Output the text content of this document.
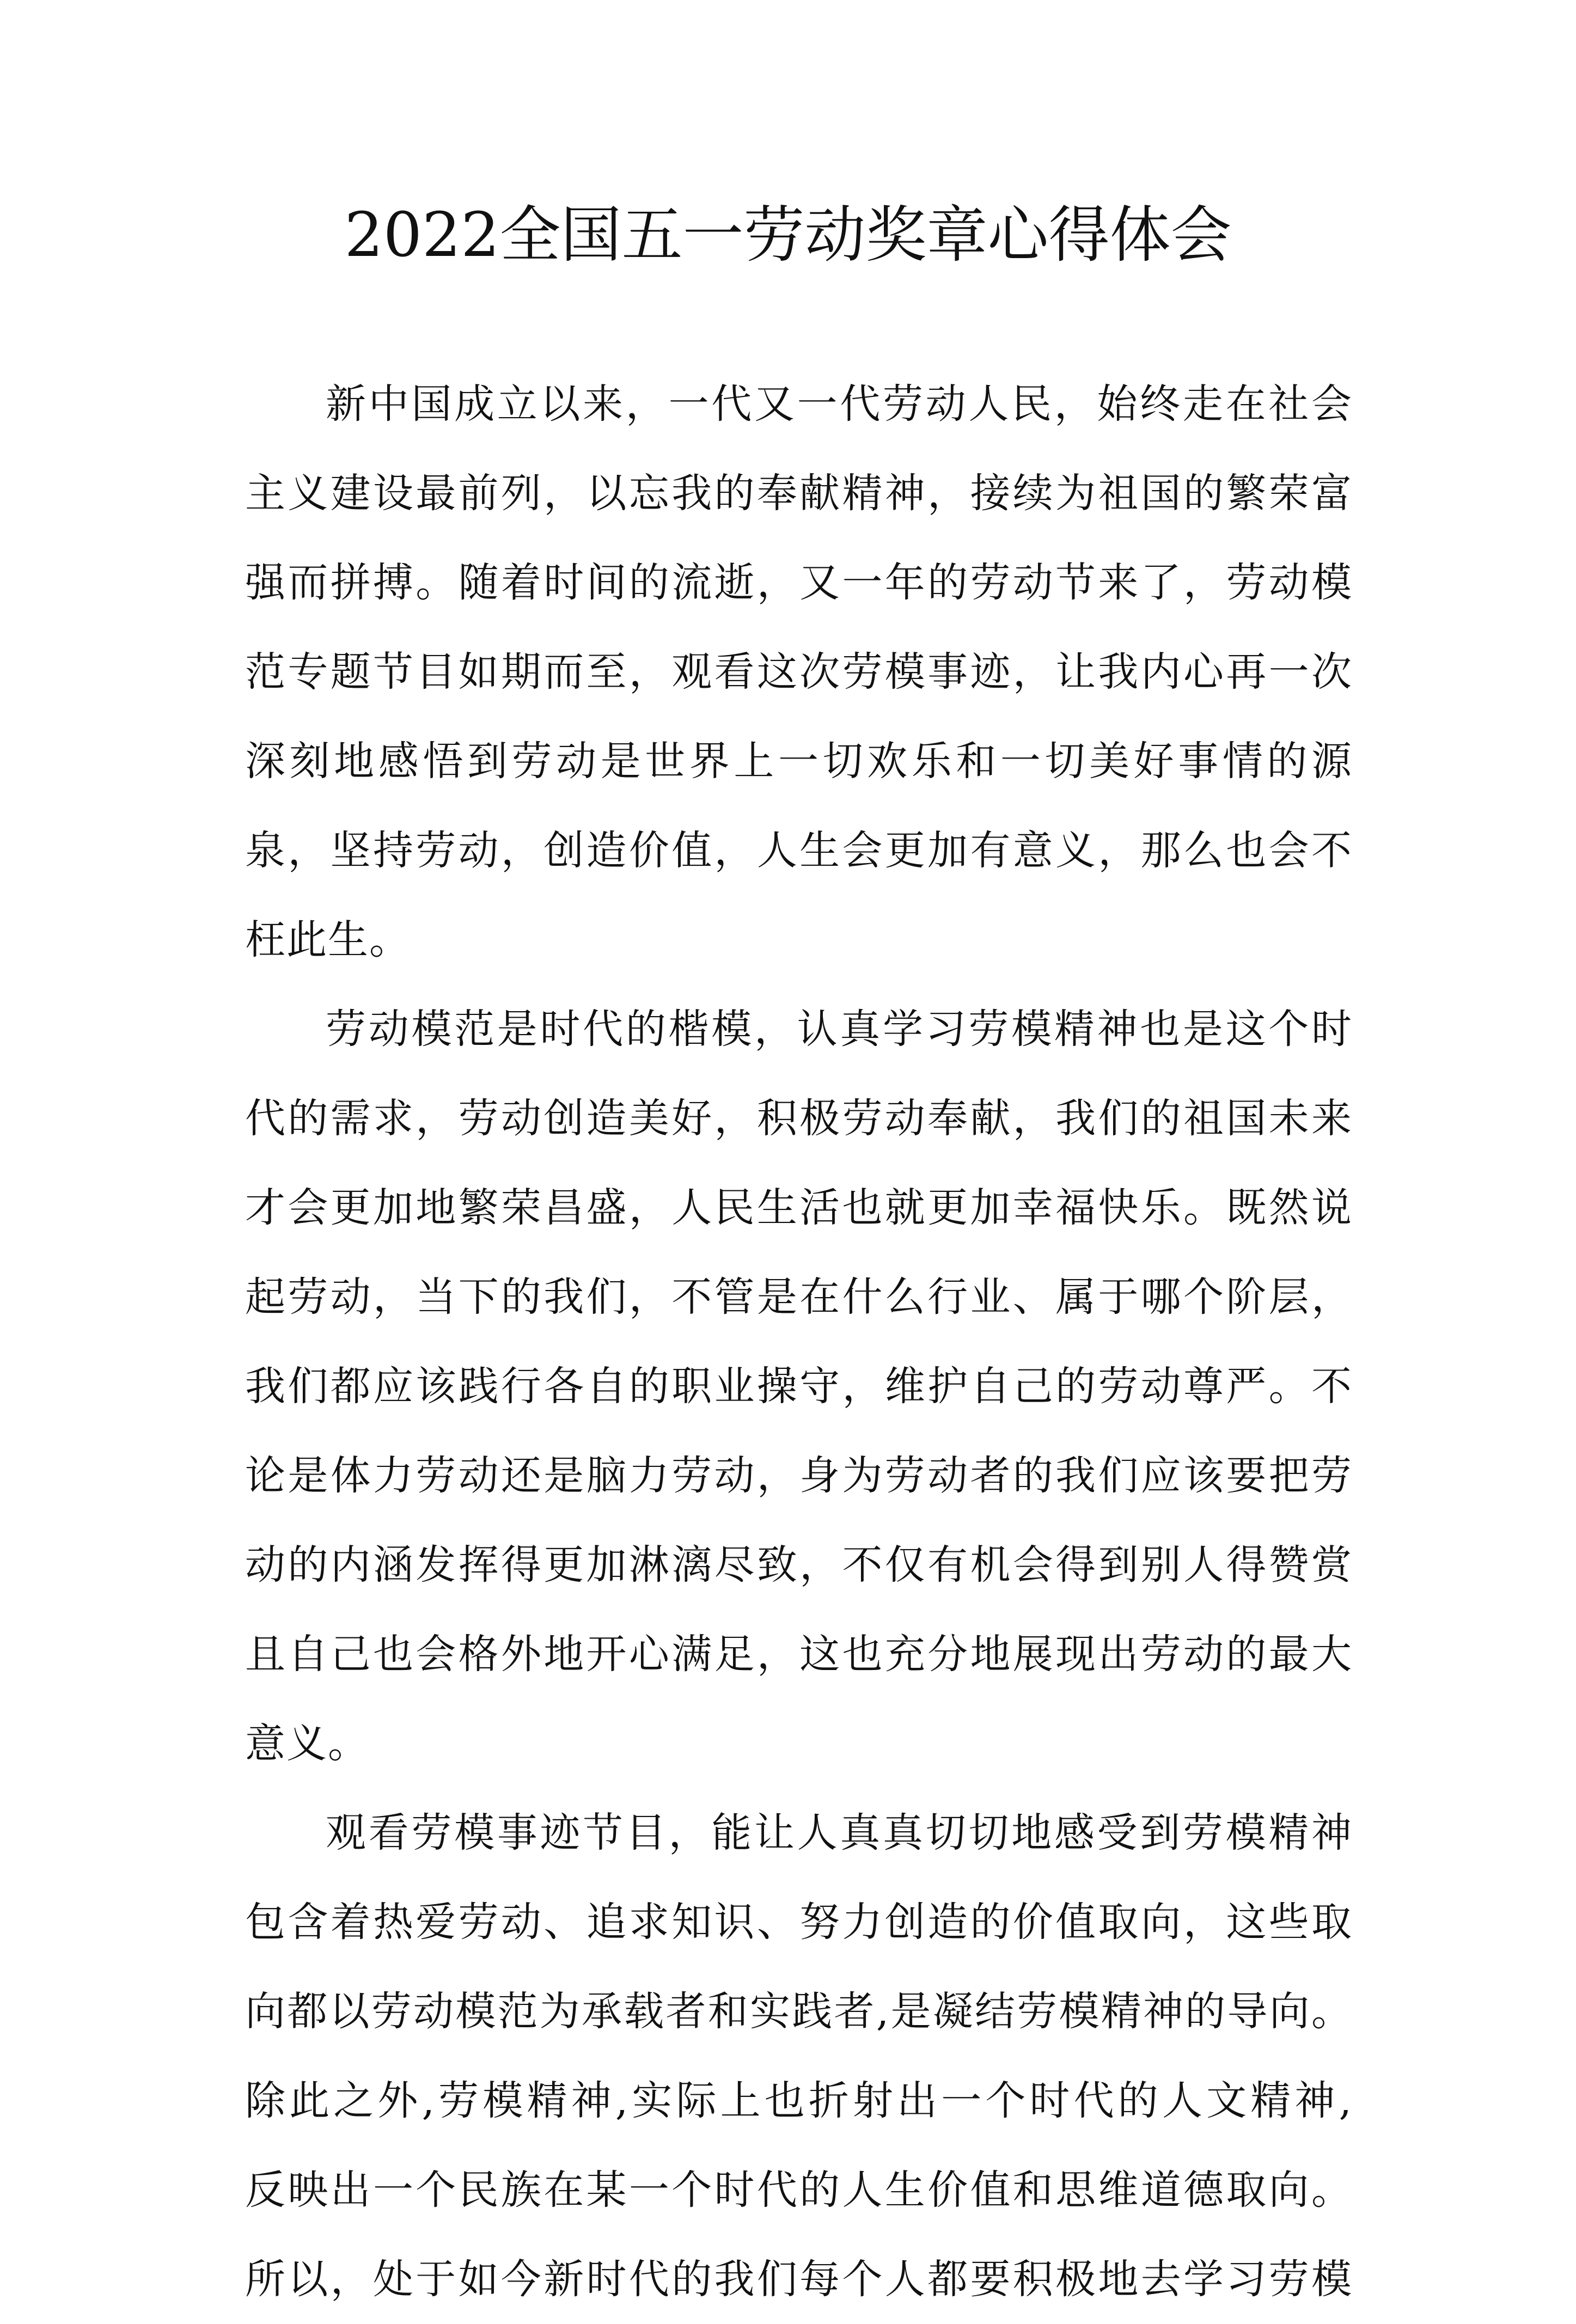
2022全国五一劳动奖章心得体会
新中国成立以来，一代又一代劳动人民，始终走在社会
主义建设最前列，以忘我的奉献精神，接续为祖国的繁荣富
强而拼搏。随着时间的流逝，又一年的劳动节来了，劳动模
范专题节目如期而至，观看这次劳模事迹，让我内心再一次
深刻地感悟到劳动是世界上一切欢乐和一切美好事情的源
泉，坚持劳动，创造价值，人生会更加有意义，那么也会不
枉此生。
劳动模范是时代的楷模，认真学习劳模精神也是这个时
代的需求，劳动创造美好，积极劳动奉献，我们的祖国未来
才会更加地繁荣昌盛，人民生活也就更加幸福快乐。既然说
起劳动，当下的我们，不管是在什么行业、属于哪个阶层，
我们都应该践行各自的职业操守，维护自己的劳动尊严。不
论是体力劳动还是脑力劳动，身为劳动者的我们应该要把劳
动的内涵发挥得更加淋漓尽致，不仅有机会得到别人得赞赏
且自己也会格外地开心满足，这也充分地展现出劳动的最大
意义。
观看劳模事迹节目，能让人真真切切地感受到劳模精神
包含着热爱劳动、追求知识、努力创造的价值取向，这些取
向都以劳动模范为承载者和实践者,是凝结劳模精神的导向。
除此之外,劳模精神,实际上也折射出一个时代的人文精神,
反映出一个民族在某一个时代的人生价值和思维道德取向。
所以，处于如今新时代的我们每个人都要积极地去学习劳模
